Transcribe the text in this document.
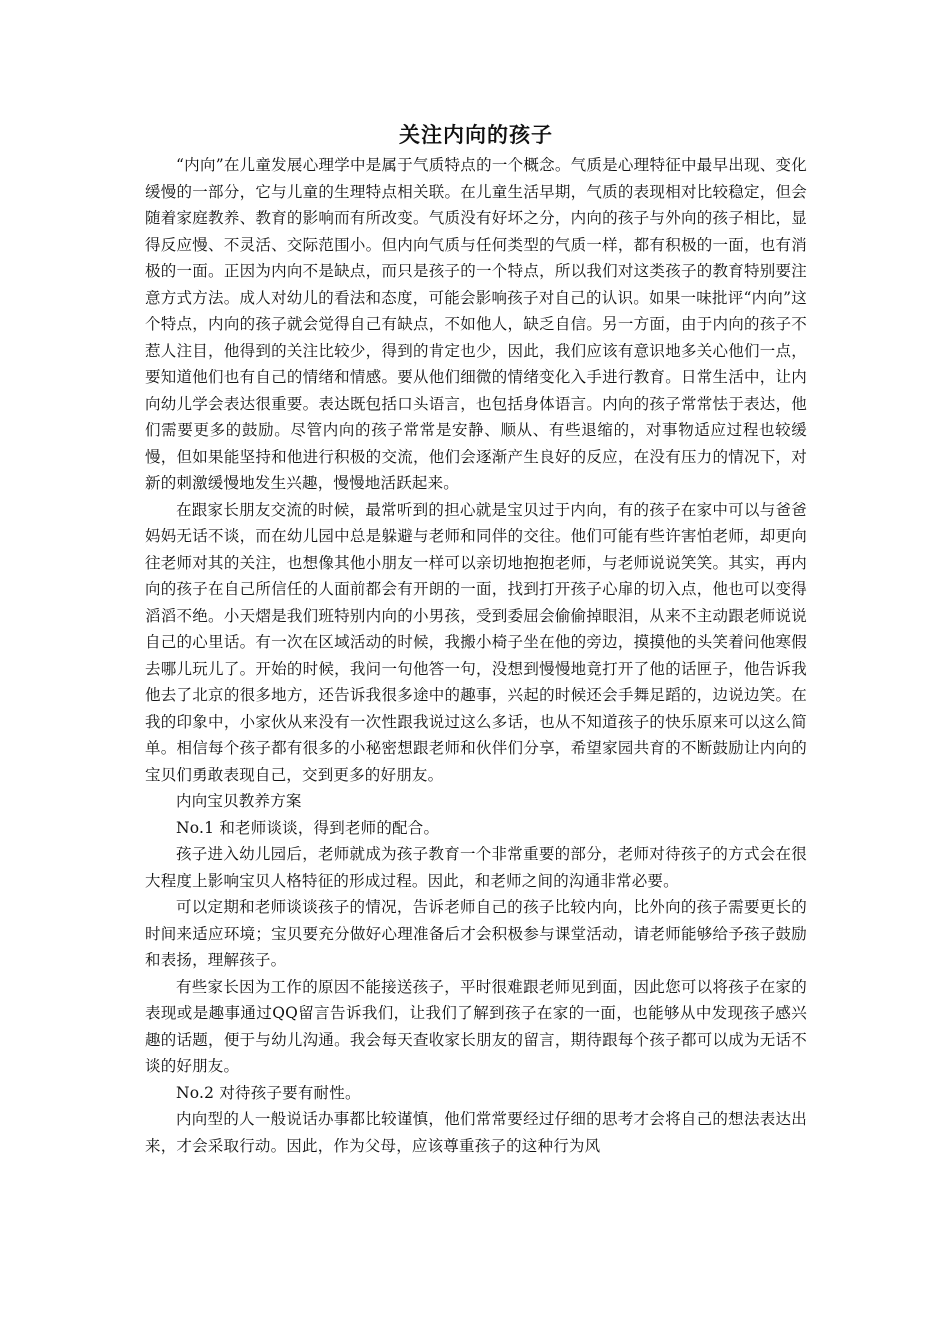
关注内向的孩子

“内向”在儿童发展心理学中是属于气质特点的一个概念。气质是心理特征中最早出现、变化缓慢的一部分，它与儿童的生理特点相关联。在儿童生活早期，气质的表现相对比较稳定，但会随着家庭教养、教育的影响而有所改变。气质没有好坏之分，内向的孩子与外向的孩子相比，显得反应慢、不灵活、交际范围小。但内向气质与任何类型的气质一样，都有积极的一面，也有消极的一面。正因为内向不是缺点，而只是孩子的一个特点，所以我们对这类孩子的教育特别要注意方式方法。成人对幼儿的看法和态度，可能会影响孩子对自己的认识。如果一味批评“内向”这个特点，内向的孩子就会觉得自己有缺点，不如他人，缺乏自信。另一方面，由于内向的孩子不惹人注目，他得到的关注比较少，得到的肯定也少，因此，我们应该有意识地多关心他们一点，要知道他们也有自己的情绪和情感。要从他们细微的情绪变化入手进行教育。日常生活中，让内向幼儿学会表达很重要。表达既包括口头语言，也包括身体语言。内向的孩子常常怯于表达，他们需要更多的鼓励。尽管内向的孩子常常是安静、顺从、有些退缩的，对事物适应过程也较缓慢，但如果能坚持和他进行积极的交流，他们会逐渐产生良好的反应，在没有压力的情况下，对新的刺激缓慢地发生兴趣，慢慢地活跃起来。

在跟家长朋友交流的时候，最常听到的担心就是宝贝过于内向，有的孩子在家中可以与爸爸妈妈无话不谈，而在幼儿园中总是躲避与老师和同伴的交往。他们可能有些许害怕老师，却更向往老师对其的关注，也想像其他小朋友一样可以亲切地抱抱老师，与老师说说笑笑。其实，再内向的孩子在自己所信任的人面前都会有开朗的一面，找到打开孩子心扉的切入点，他也可以变得滔滔不绝。小天熠是我们班特别内向的小男孩，受到委屈会偷偷掉眼泪，从来不主动跟老师说说自己的心里话。有一次在区域活动的时候，我搬小椅子坐在他的旁边，摸摸他的头笑着问他寒假去哪儿玩儿了。开始的时候，我问一句他答一句，没想到慢慢地竟打开了他的话匣子，他告诉我他去了北京的很多地方，还告诉我很多途中的趣事，兴起的时候还会手舞足蹈的，边说边笑。在我的印象中，小家伙从来没有一次性跟我说过这么多话，也从不知道孩子的快乐原来可以这么简单。相信每个孩子都有很多的小秘密想跟老师和伙伴们分享，希望家园共育的不断鼓励让内向的宝贝们勇敢表现自己，交到更多的好朋友。

内向宝贝教养方案

No.1 和老师谈谈，得到老师的配合。

孩子进入幼儿园后，老师就成为孩子教育一个非常重要的部分，老师对待孩子的方式会在很大程度上影响宝贝人格特征的形成过程。因此，和老师之间的沟通非常必要。

可以定期和老师谈谈孩子的情况，告诉老师自己的孩子比较内向，比外向的孩子需要更长的时间来适应环境；宝贝要充分做好心理准备后才会积极参与课堂活动，请老师能够给予孩子鼓励和表扬，理解孩子。

有些家长因为工作的原因不能接送孩子，平时很难跟老师见到面，因此您可以将孩子在家的表现或是趣事通过QQ留言告诉我们，让我们了解到孩子在家的一面，也能够从中发现孩子感兴趣的话题，便于与幼儿沟通。我会每天查收家长朋友的留言，期待跟每个孩子都可以成为无话不谈的好朋友。

No.2 对待孩子要有耐性。

内向型的人一般说话办事都比较谨慎，他们常常要经过仔细的思考才会将自己的想法表达出来，才会采取行动。因此，作为父母，应该尊重孩子的这种行为风
